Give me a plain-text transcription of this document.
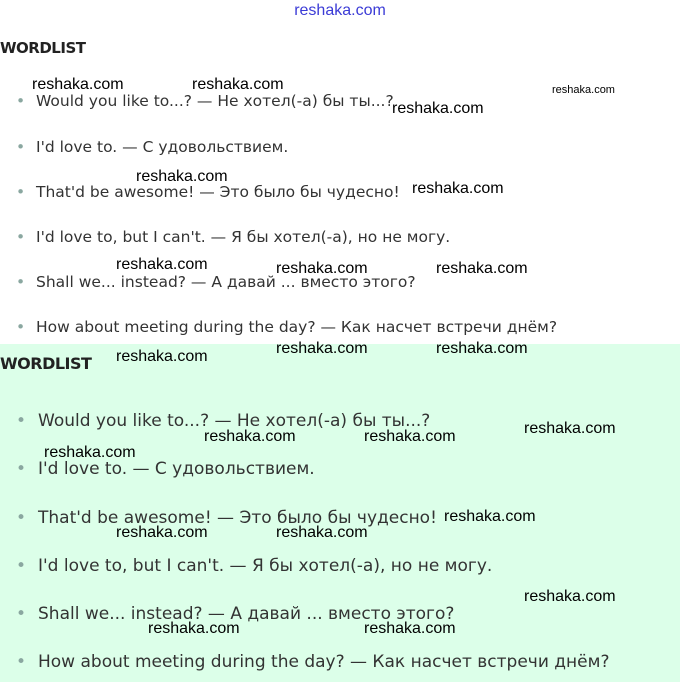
reshaka.com
WORDLIST
• Would you like to...? — Не хотел(-а) бы ты...?
• I'd love to. — С удовольствием.
• That'd be awesome! — Это было бы чудесно!
• I'd love to, but I can't. — Я бы хотел(-а), но не могу.
• Shall we... instead? — А давай ... вместо этого?
• How about meeting during the day? — Как насчет встречи днём?
WORDLIST
• Would you like to...? — Не хотел(-а) бы ты...?
• I'd love to. — С удовольствием.
• That'd be awesome! — Это было бы чудесно!
• I'd love to, but I can't. — Я бы хотел(-а), но не могу.
• Shall we... instead? — А давай ... вместо этого?
• How about meeting during the day? — Как насчет встречи днём?
reshaka.com	reshaka.com	reshaka.com
reshaka.com
reshaka.com
reshaka.com
reshaka.com	reshaka.com	reshaka.com
reshaka.com	reshaka.com
reshaka.com
reshaka.com
reshaka.com	reshaka.com
reshaka.com
reshaka.com
reshaka.com	reshaka.com
reshaka.com
reshaka.com	reshaka.com
